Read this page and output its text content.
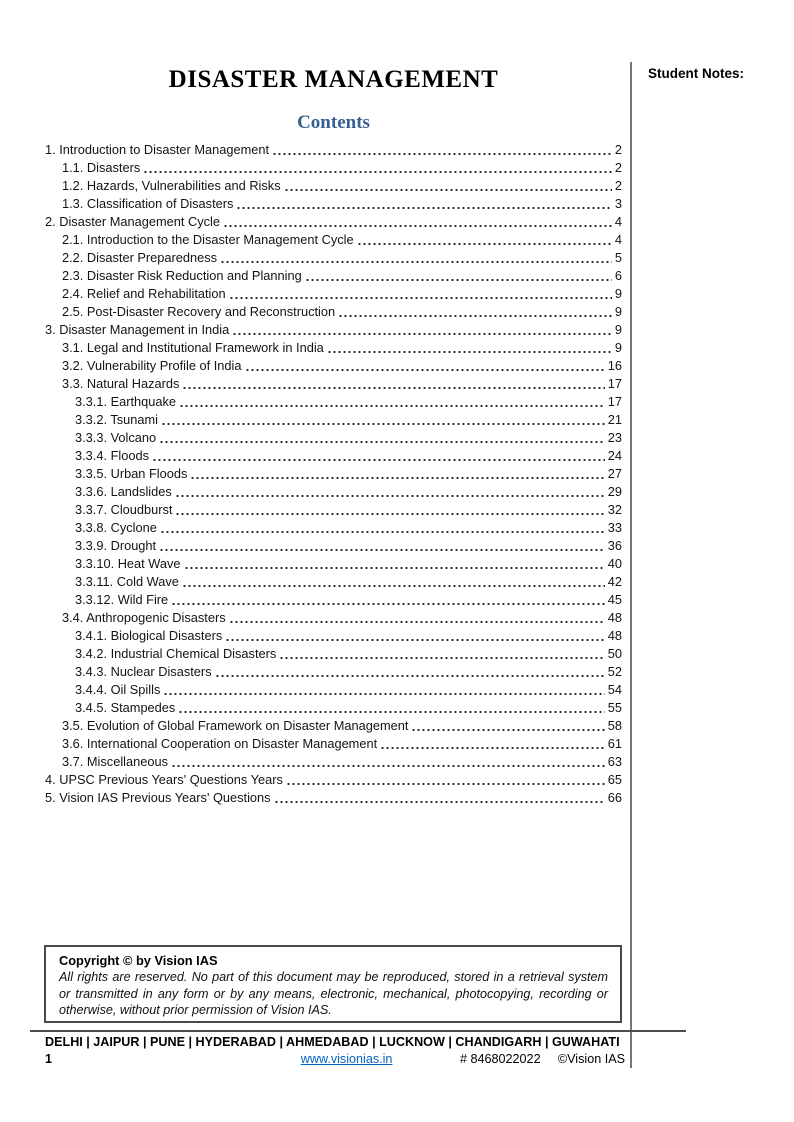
DISASTER MANAGEMENT
Contents
1. Introduction to Disaster Management	2
1.1. Disasters	2
1.2. Hazards, Vulnerabilities and Risks	2
1.3. Classification of Disasters	3
2. Disaster Management Cycle	4
2.1. Introduction to the Disaster Management Cycle	4
2.2. Disaster Preparedness	5
2.3. Disaster Risk Reduction and Planning	6
2.4. Relief and Rehabilitation	9
2.5. Post-Disaster Recovery and Reconstruction	9
3. Disaster Management in India	9
3.1. Legal and Institutional Framework in India	9
3.2. Vulnerability Profile of India	16
3.3. Natural Hazards	17
3.3.1. Earthquake	17
3.3.2. Tsunami	21
3.3.3. Volcano	23
3.3.4. Floods	24
3.3.5. Urban Floods	27
3.3.6. Landslides	29
3.3.7. Cloudburst	32
3.3.8. Cyclone	33
3.3.9. Drought	36
3.3.10. Heat Wave	40
3.3.11. Cold Wave	42
3.3.12. Wild Fire	45
3.4. Anthropogenic Disasters	48
3.4.1. Biological Disasters	48
3.4.2. Industrial Chemical Disasters	50
3.4.3. Nuclear Disasters	52
3.4.4. Oil Spills	54
3.4.5. Stampedes	55
3.5. Evolution of Global Framework on Disaster Management	58
3.6. International Cooperation on Disaster Management	61
3.7. Miscellaneous	63
4. UPSC Previous Years' Questions Years	65
5. Vision IAS Previous Years' Questions	66
Student Notes:
Copyright © by Vision IAS
All rights are reserved. No part of this document may be reproduced, stored in a retrieval system or transmitted in any form or by any means, electronic, mechanical, photocopying, recording or otherwise, without prior permission of Vision IAS.
DELHI | JAIPUR | PUNE | HYDERABAD | AHMEDABAD | LUCKNOW | CHANDIGARH | GUWAHATI
1	www.visionias.in	# 8468022022 ©Vision IAS
